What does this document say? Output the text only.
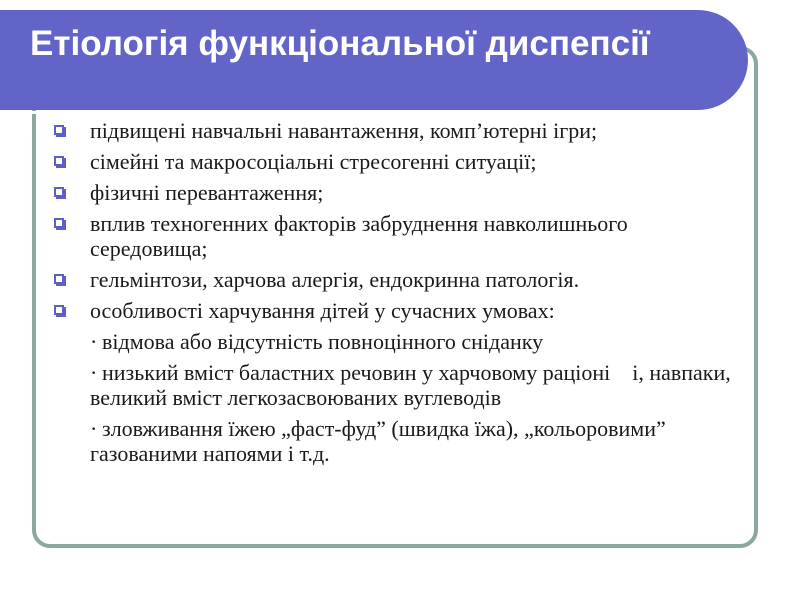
Етіологія функціональної диспепсії
підвищені навчальні навантаження, комп’ютерні ігри;
сімейні та макросоціальні стресогенні ситуації;
фізичні перевантаження;
вплив техногенних факторів забруднення навколишнього середовища;
гельмінтози, харчова алергія, ендокринна патологія.
особливості харчування дітей у сучасних умовах:
· відмова або відсутність повноцінного сніданку
· низький вміст баластних речовин у харчовому раціоні    і, навпаки, великий вміст легкозасвоюваних вуглеводів
· зловживання їжею „фаст-фуд” (швидка їжа), „кольоровими” газованими напоями і т.д.
